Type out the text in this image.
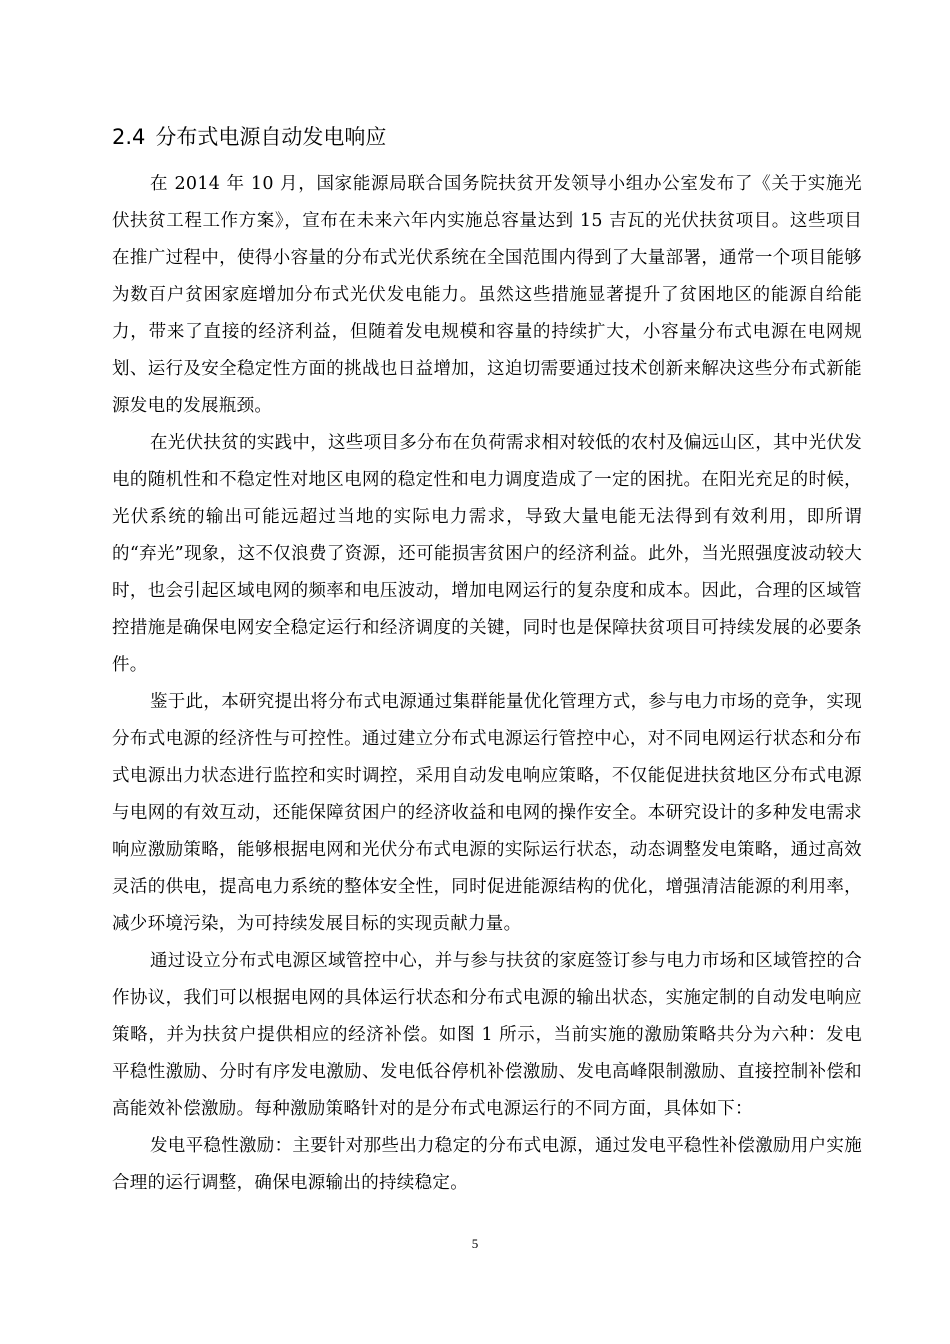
2.4 分布式电源自动发电响应

在 2014 年 10 月，国家能源局联合国务院扶贫开发领导小组办公室发布了《关于实施光伏扶贫工程工作方案》，宣布在未来六年内实施总容量达到 15 吉瓦的光伏扶贫项目。这些项目在推广过程中，使得小容量的分布式光伏系统在全国范围内得到了大量部署，通常一个项目能够为数百户贫困家庭增加分布式光伏发电能力。虽然这些措施显著提升了贫困地区的能源自给能力，带来了直接的经济利益，但随着发电规模和容量的持续扩大，小容量分布式电源在电网规划、运行及安全稳定性方面的挑战也日益增加，这迫切需要通过技术创新来解决这些分布式新能源发电的发展瓶颈。

在光伏扶贫的实践中，这些项目多分布在负荷需求相对较低的农村及偏远山区，其中光伏发电的随机性和不稳定性对地区电网的稳定性和电力调度造成了一定的困扰。在阳光充足的时候，光伏系统的输出可能远超过当地的实际电力需求，导致大量电能无法得到有效利用，即所谓的“弃光”现象，这不仅浪费了资源，还可能损害贫困户的经济利益。此外，当光照强度波动较大时，也会引起区域电网的频率和电压波动，增加电网运行的复杂度和成本。因此，合理的区域管控措施是确保电网安全稳定运行和经济调度的关键，同时也是保障扶贫项目可持续发展的必要条件。

鉴于此，本研究提出将分布式电源通过集群能量优化管理方式，参与电力市场的竞争，实现分布式电源的经济性与可控性。通过建立分布式电源运行管控中心，对不同电网运行状态和分布式电源出力状态进行监控和实时调控，采用自动发电响应策略，不仅能促进扶贫地区分布式电源与电网的有效互动，还能保障贫困户的经济收益和电网的操作安全。本研究设计的多种发电需求响应激励策略，能够根据电网和光伏分布式电源的实际运行状态，动态调整发电策略，通过高效灵活的供电，提高电力系统的整体安全性，同时促进能源结构的优化，增强清洁能源的利用率，减少环境污染，为可持续发展目标的实现贡献力量。

通过设立分布式电源区域管控中心，并与参与扶贫的家庭签订参与电力市场和区域管控的合作协议，我们可以根据电网的具体运行状态和分布式电源的输出状态，实施定制的自动发电响应策略，并为扶贫户提供相应的经济补偿。如图 1 所示，当前实施的激励策略共分为六种：发电平稳性激励、分时有序发电激励、发电低谷停机补偿激励、发电高峰限制激励、直接控制补偿和高能效补偿激励。每种激励策略针对的是分布式电源运行的不同方面，具体如下：

发电平稳性激励：主要针对那些出力稳定的分布式电源，通过发电平稳性补偿激励用户实施合理的运行调整，确保电源输出的持续稳定。

5
